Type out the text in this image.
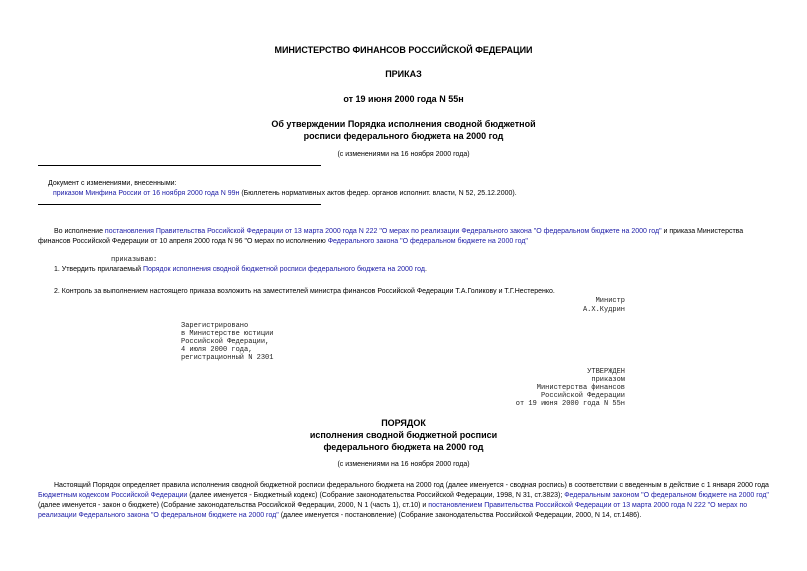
МИНИСТЕРСТВО ФИНАНСОВ РОССИЙСКОЙ ФЕДЕРАЦИИ
ПРИКАЗ
от 19 июня 2000 года N 55н
Об утверждении Порядка исполнения сводной бюджетной
росписи федерального бюджета на 2000 год
(с изменениями на 16 ноября 2000 года)
Документ с изменениями, внесенными:
приказом Минфина России от 16 ноября 2000 года N 99н (Бюллетень нормативных актов федер. органов исполнит. власти, N 52, 25.12.2000).
Во исполнение постановления Правительства Российской Федерации от 13 марта 2000 года N 222 "О мерах по реализации Федерального закона "О федеральном бюджете на 2000 год" и приказа Министерства финансов Российской Федерации от 10 апреля 2000 года N 96 "О мерах по исполнению Федерального закона "О федеральном бюджете на 2000 год"
приказываю:
1. Утвердить прилагаемый Порядок исполнения сводной бюджетной росписи федерального бюджета на 2000 год.
2. Контроль за выполнением настоящего приказа возложить на заместителей министра финансов Российской Федерации Т.А.Голикову и Т.Г.Нестеренко.
Министр
А.Х.Кудрин
Зарегистрировано
в Министерстве юстиции
Российской Федерации,
4 июля 2000 года,
регистрационный N 2301
УТВЕРЖДЕН
приказом
Министерства финансов
Российской Федерации
от 19 июня 2000 года N 55н
ПОРЯДОК
исполнения сводной бюджетной росписи
федерального бюджета на 2000 год
(с изменениями на 16 ноября 2000 года)
Настоящий Порядок определяет правила исполнения сводной бюджетной росписи федерального бюджета на 2000 год (далее именуется - сводная роспись) в соответствии с введенным в действие с 1 января 2000 года Бюджетным кодексом Российской Федерации (далее именуется - Бюджетный кодекс) (Собрание законодательства Российской Федерации, 1998, N 31, ст.3823); Федеральным законом "О федеральном бюджете на 2000 год" (далее именуется - закон о бюджете) (Собрание законодательства Российской Федерации, 2000, N 1 (часть 1), ст.10) и постановлением Правительства Российской Федерации от 13 марта 2000 года N 222 "О мерах по реализации Федерального закона "О федеральном бюджете на 2000 год" (далее именуется - постановление) (Собрание законодательства Российской Федерации, 2000, N 14, ст.1486).
